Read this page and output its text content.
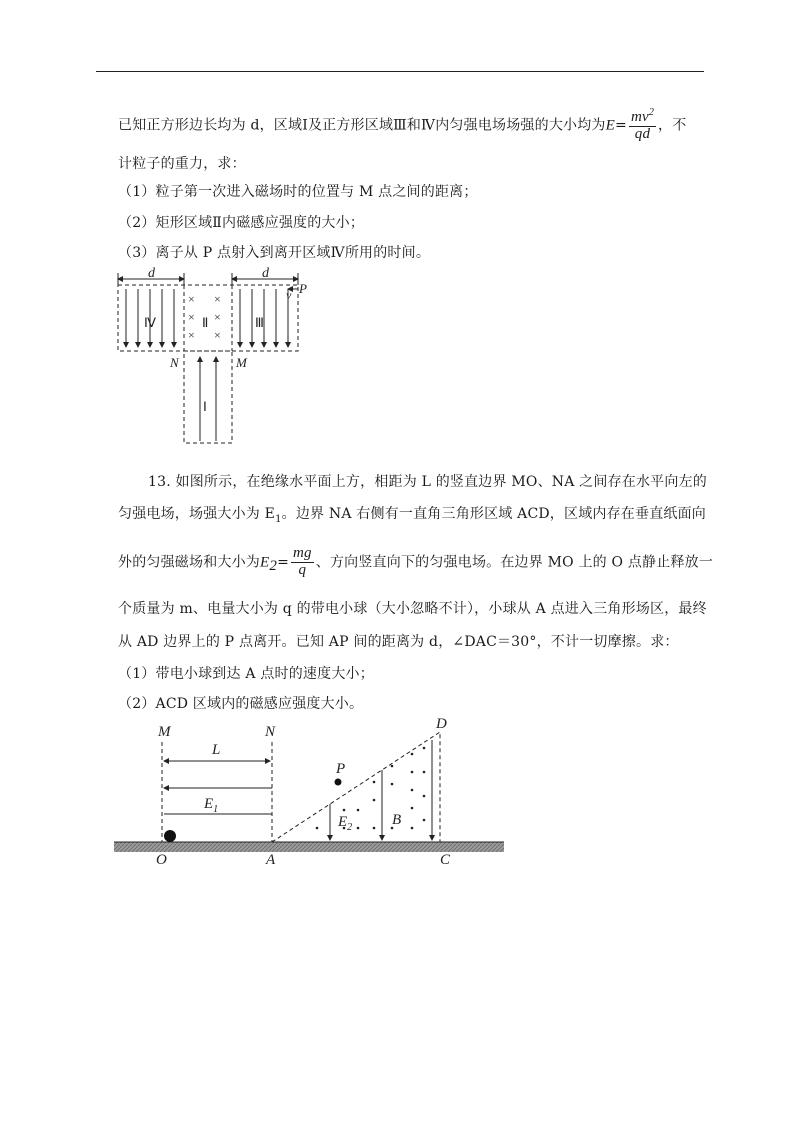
已知正方形边长均为 d，区域Ⅰ及正方形区域Ⅲ和Ⅳ内匀强电场场强的大小均为$E= \frac{mv^2}{qd}$ ，不
计粒子的重力，求：
（1）粒子第一次进入磁场时的位置与 M 点之间的距离；
（2）矩形区域Ⅱ内磁感应强度的大小；
（3）离子从 P 点射入到离开区域Ⅳ所用的时间。
d	d
Ⅳ
× ×
× ×
× ×
Ⅱ	Ⅲ
P
v
N	M
Ⅰ
13. 如图所示，在绝缘水平面上方，相距为 L 的竖直边界 MO、NA 之间存在水平向左的
匀强电场，场强大小为 $E_1$。边界 NA 右侧有一直角三角形区域 ACD，区域内存在垂直纸面向
外的匀强磁场和大小为$E_2= \frac{mg}{q}$ 、方向竖直向下的匀强电场。在边界 MO 上的 O 点静止释放一
个质量为 m、电量大小为 q 的带电小球（大小忽略不计），小球从 A 点进入三角形场区，最终
从 AD 边界上的 P 点离开。已知 AP 间的距离为 d，∠DAC＝30°，不计一切摩擦。求：
（1）带电小球到达 A 点时的速度大小；
（2）ACD 区域内的磁感应强度大小。
M	N
L
$E_1$
D
P
$E_2$	B
O	A	C
